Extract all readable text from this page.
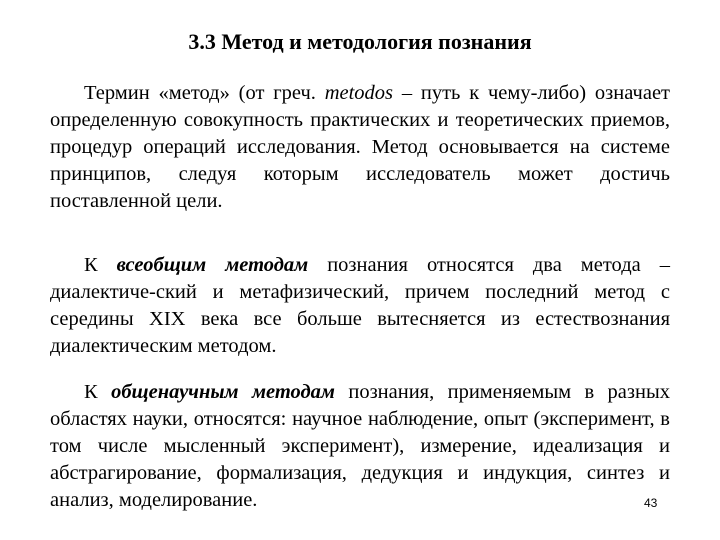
3.3 Метод и методология познания

Термин «метод» (от греч. metodos – путь к чему-либо) означает определенную совокупность практических и теоретических приемов, процедур операций исследования. Метод основывается на системе принципов, следуя которым исследователь может достичь поставленной цели.

К всеобщим методам познания относятся два метода – диалектиче-ский и метафизический, причем последний метод с середины XIX века все больше вытесняется из естествознания диалектическим методом.

К общенаучным методам познания, применяемым в разных областях науки, относятся: научное наблюдение, опыт (эксперимент, в том числе мысленный эксперимент), измерение, идеализация и абстрагирование, формализация, дедукция и индукция, синтез и анализ, моделирование.	43
